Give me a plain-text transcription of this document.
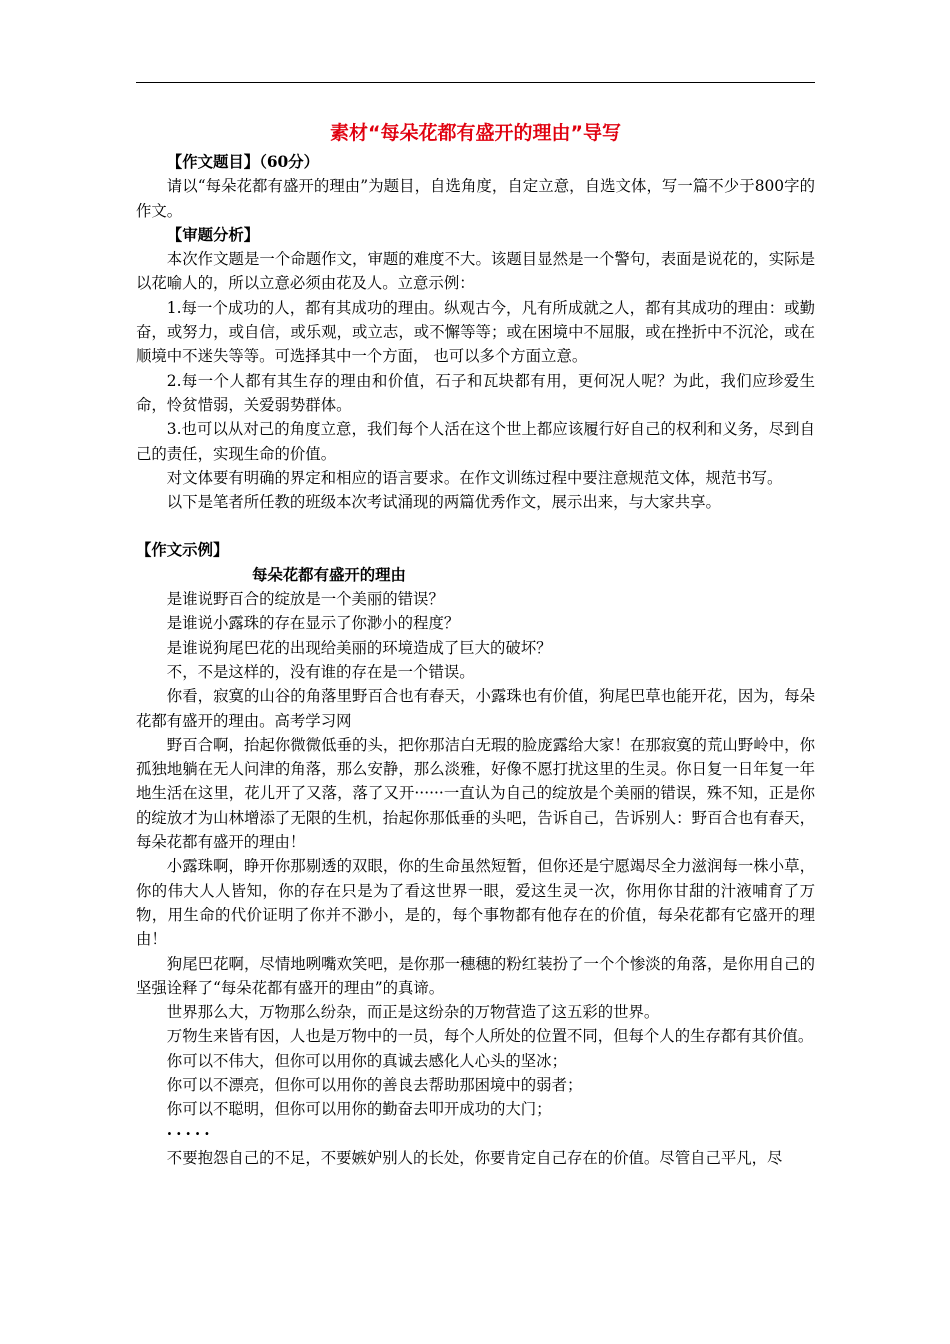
素材“每朵花都有盛开的理由”导写

【作文题目】（60分）

请以“每朵花都有盛开的理由”为题目，自选角度，自定立意，自选文体，写一篇不少于800字的作文。

【审题分析】

本次作文题是一个命题作文，审题的难度不大。该题目显然是一个警句，表面是说花的，实际是以花喻人的，所以立意必须由花及人。立意示例：

1.每一个成功的人，都有其成功的理由。纵观古今，凡有所成就之人，都有其成功的理由：或勤奋，或努力，或自信，或乐观，或立志，或不懈等等；或在困境中不屈服，或在挫折中不沉沦，或在顺境中不迷失等等。可选择其中一个方面， 也可以多个方面立意。

2.每一个人都有其生存的理由和价值，石子和瓦块都有用，更何况人呢？为此，我们应珍爱生命，怜贫惜弱，关爱弱势群体。

3.也可以从对己的角度立意，我们每个人活在这个世上都应该履行好自己的权利和义务，尽到自己的责任，实现生命的价值。

对文体要有明确的界定和相应的语言要求。在作文训练过程中要注意规范文体，规范书写。

以下是笔者所任教的班级本次考试涌现的两篇优秀作文，展示出来，与大家共享。

【作文示例】

每朵花都有盛开的理由

是谁说野百合的绽放是一个美丽的错误？

是谁说小露珠的存在显示了你渺小的程度？

是谁说狗尾巴花的出现给美丽的环境造成了巨大的破坏？

不，不是这样的，没有谁的存在是一个错误。

你看，寂寞的山谷的角落里野百合也有春天，小露珠也有价值，狗尾巴草也能开花，因为，每朵花都有盛开的理由。高考学习网

野百合啊，抬起你微微低垂的头，把你那洁白无瑕的脸庞露给大家！在那寂寞的荒山野岭中，你孤独地躺在无人问津的角落，那么安静，那么淡雅，好像不愿打扰这里的生灵。你日复一日年复一年地生活在这里，花儿开了又落，落了又开······一直认为自己的绽放是个美丽的错误，殊不知，正是你的绽放才为山林增添了无限的生机，抬起你那低垂的头吧，告诉自己，告诉别人：野百合也有春天，每朵花都有盛开的理由！

小露珠啊，睁开你那剔透的双眼，你的生命虽然短暂，但你还是宁愿竭尽全力滋润每一株小草，你的伟大人人皆知，你的存在只是为了看这世界一眼，爱这生灵一次，你用你甘甜的汁液哺育了万物，用生命的代价证明了你并不渺小，是的，每个事物都有他存在的价值，每朵花都有它盛开的理由！

狗尾巴花啊，尽情地咧嘴欢笑吧，是你那一穗穗的粉红装扮了一个个惨淡的角落，是你用自己的坚强诠释了“每朵花都有盛开的理由”的真谛。

世界那么大，万物那么纷杂，而正是这纷杂的万物营造了这五彩的世界。

万物生来皆有因，人也是万物中的一员，每个人所处的位置不同，但每个人的生存都有其价值。

你可以不伟大，但你可以用你的真诚去感化人心头的坚冰；

你可以不漂亮，但你可以用你的善良去帮助那困境中的弱者；

你可以不聪明，但你可以用你的勤奋去叩开成功的大门；

·····

不要抱怨自己的不足，不要嫉妒别人的长处，你要肯定自己存在的价值。尽管自己平凡，尽
